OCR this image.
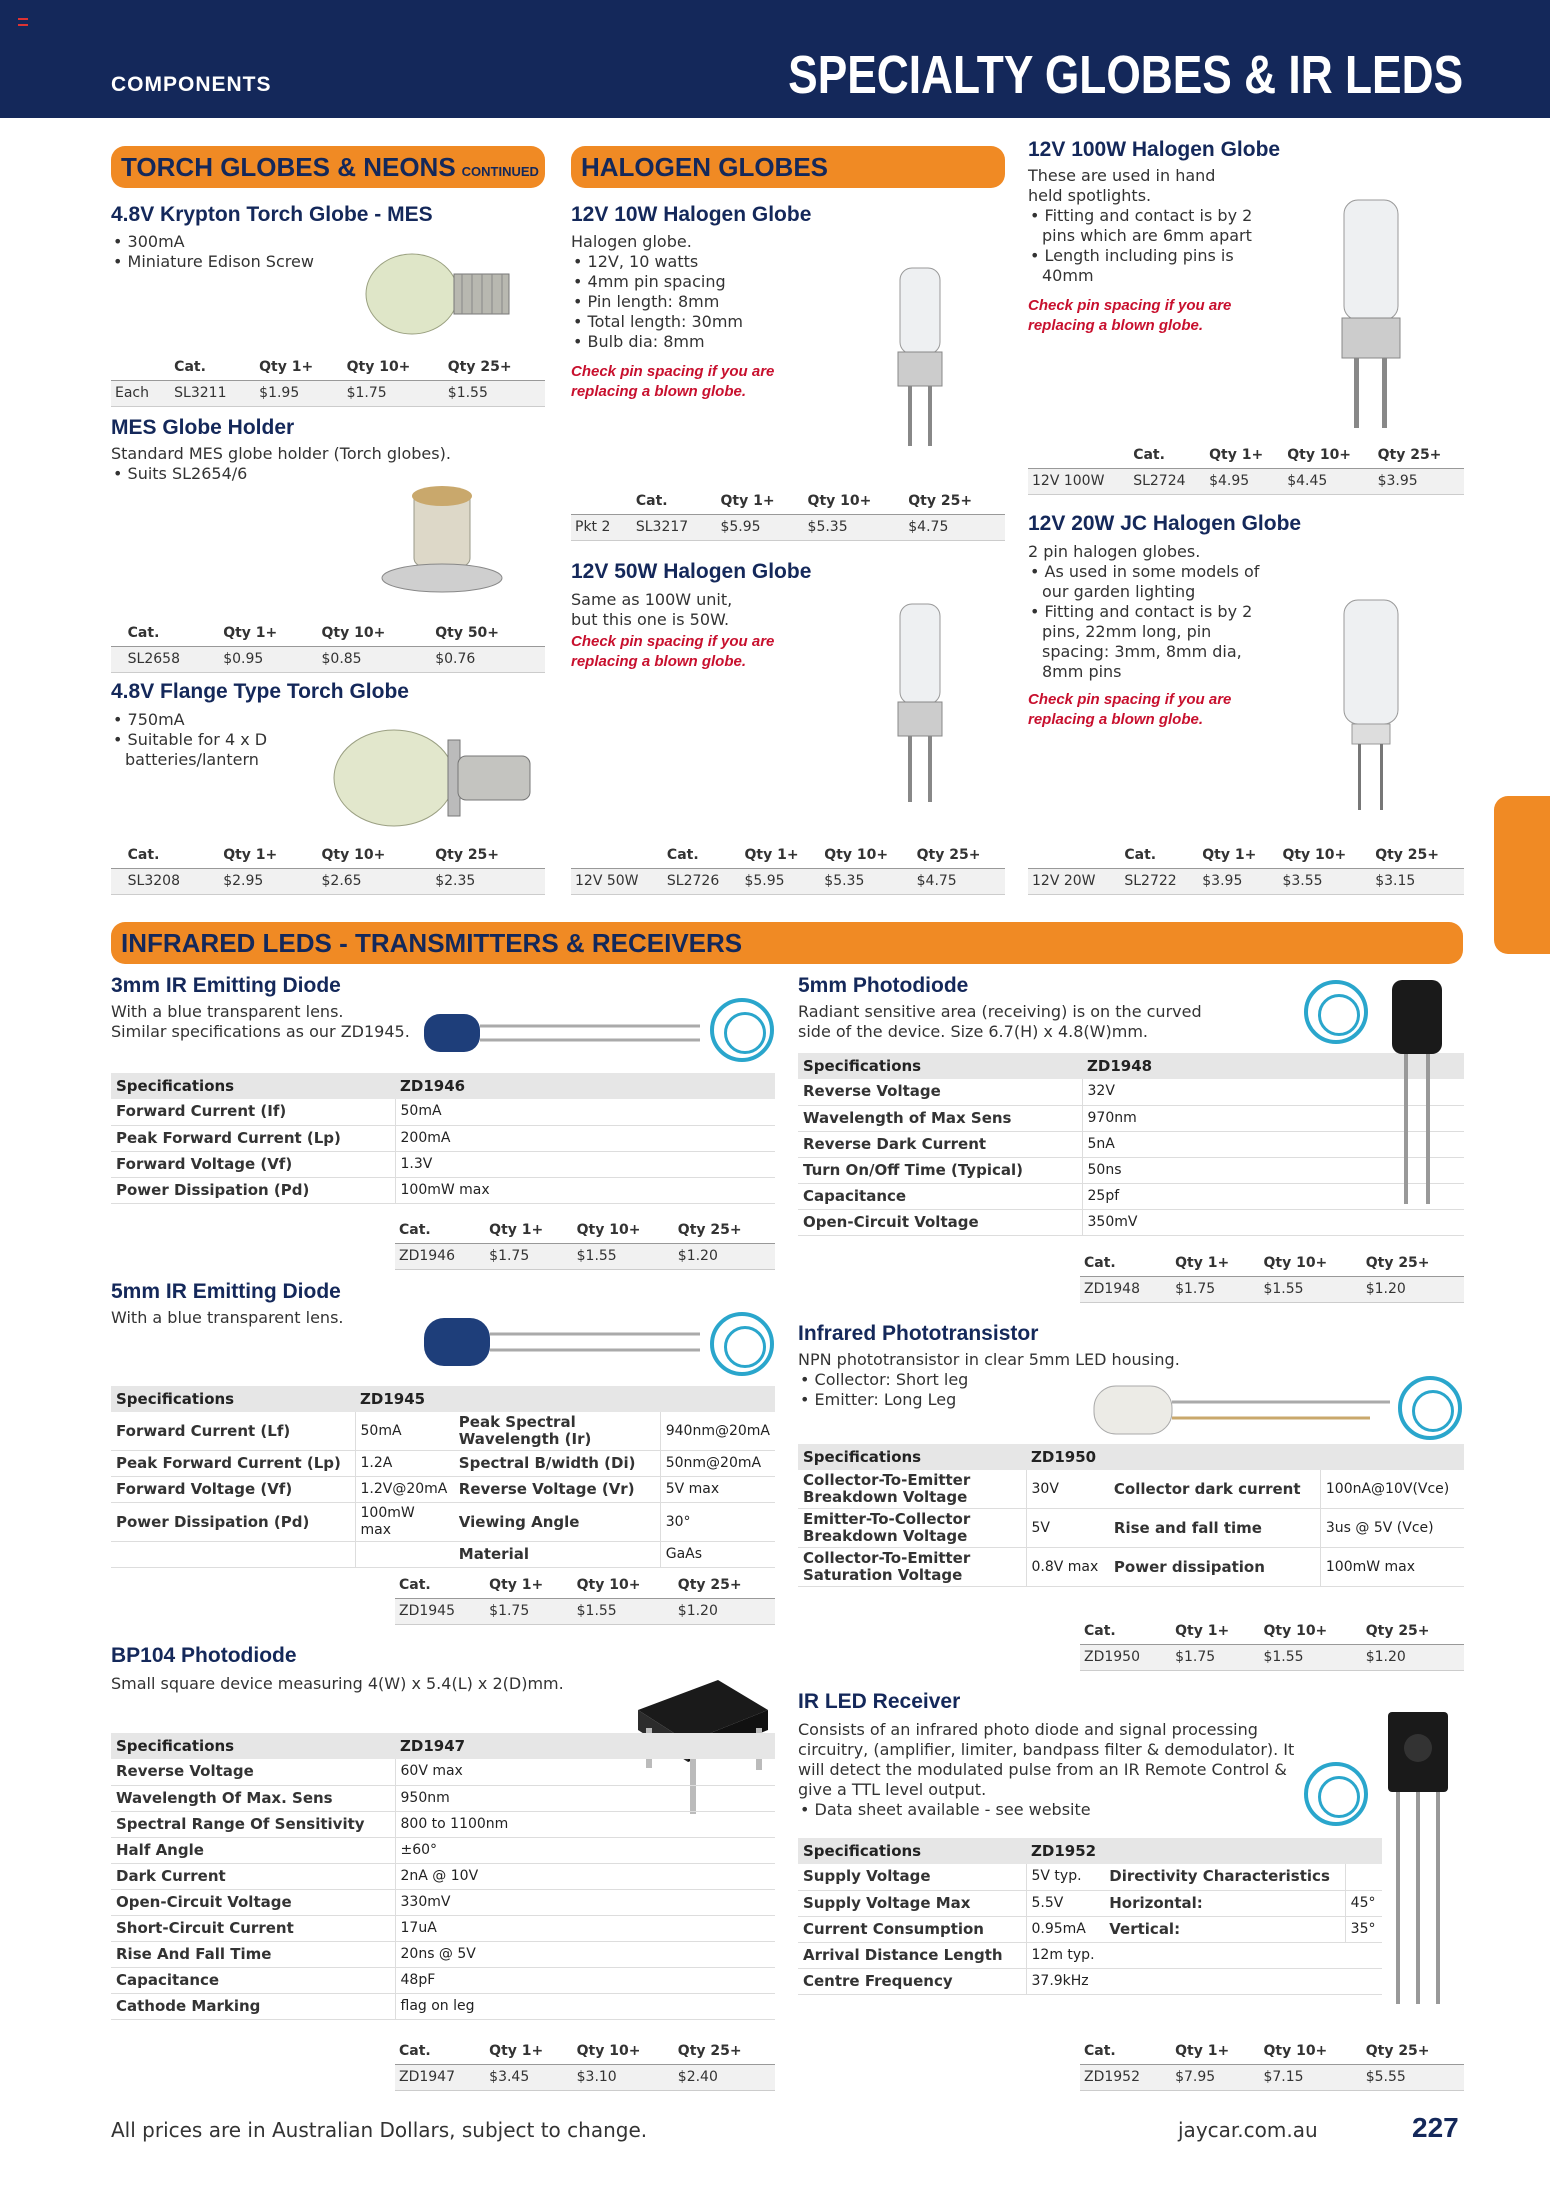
COMPONENTS	SPECIALTY GLOBES & IR LEDS
TORCH GLOBES & NEONS CONTINUED	HALOGEN GLOBES
INFRARED LEDS - TRANSMITTERS & RECEIVERS
4.8V Krypton Torch Globe - MES
• 300mA
• Miniature Edison Screw
	Cat.	Qty 1+	Qty 10+	Qty 25+
Each	SL3211	$1.95	$1.75	$1.55
MES Globe Holder
Standard MES globe holder (Torch globes).
• Suits SL2654/6
	Cat.	Qty 1+	Qty 10+	Qty 50+
	SL2658	$0.95	$0.85	$0.76
4.8V Flange Type Torch Globe
• 750mA
• Suitable for 4 x D batteries/lantern
	Cat.	Qty 1+	Qty 10+	Qty 25+
	SL3208	$2.95	$2.65	$2.35
12V 10W Halogen Globe
Halogen globe.
• 12V, 10 watts
• 4mm pin spacing
• Pin length: 8mm
• Total length: 30mm
• Bulb dia: 8mm
Check pin spacing if you are
replacing a blown globe.
	Cat.	Qty 1+	Qty 10+	Qty 25+
Pkt 2	SL3217	$5.95	$5.35	$4.75
12V 50W Halogen Globe
Same as 100W unit,
but this one is 50W.
Check pin spacing if you are
replacing a blown globe.
	Cat.	Qty 1+	Qty 10+	Qty 25+
12V 50W	SL2726	$5.95	$5.35	$4.75
12V 100W Halogen Globe
These are used in hand
held spotlights.
• Fitting and contact is by 2 pins which are 6mm apart
• Length including pins is 40mm
Check pin spacing if you are
replacing a blown globe.
	Cat.	Qty 1+	Qty 10+	Qty 25+
12V 100W	SL2724	$4.95	$4.45	$3.95
12V 20W JC Halogen Globe
2 pin halogen globes.
• As used in some models of our garden lighting
• Fitting and contact is by 2 pins, 22mm long, pin spacing: 3mm, 8mm dia, 8mm pins
Check pin spacing if you are
replacing a blown globe.
	Cat.	Qty 1+	Qty 10+	Qty 25+
12V 20W	SL2722	$3.95	$3.55	$3.15
3mm IR Emitting Diode
With a blue transparent lens.
Similar specifications as our ZD1945.
Specifications	ZD1946
Forward Current (If)	50mA
Peak Forward Current (Lp)	200mA
Forward Voltage (Vf)	1.3V
Power Dissipation (Pd)	100mW max
Cat.	Qty 1+	Qty 10+	Qty 25+
ZD1946	$1.75	$1.55	$1.20
5mm IR Emitting Diode
With a blue transparent lens.
Specifications	ZD1945		
Forward Current (Lf)	50mA	Peak Spectral Wavelength (Ir)	940nm@20mA
Peak Forward Current (Lp)	1.2A	Spectral B/width (Di)	50nm@20mA
Forward Voltage (Vf)	1.2V@20mA	Reverse Voltage (Vr)	5V max
Power Dissipation (Pd)	100mW max	Viewing Angle	30°
		Material	GaAs
Cat.	Qty 1+	Qty 10+	Qty 25+
ZD1945	$1.75	$1.55	$1.20
BP104 Photodiode
Small square device measuring 4(W) x 5.4(L) x 2(D)mm.
Specifications	ZD1947
Reverse Voltage	60V max
Wavelength Of Max. Sens	950nm
Spectral Range Of Sensitivity	800 to 1100nm
Half Angle	±60°
Dark Current	2nA @ 10V
Open-Circuit Voltage	330mV
Short-Circuit Current	17uA
Rise And Fall Time	20ns @ 5V
Capacitance	48pF
Cathode Marking	flag on leg
Cat.	Qty 1+	Qty 10+	Qty 25+
ZD1947	$3.45	$3.10	$2.40
5mm Photodiode
Radiant sensitive area (receiving) is on the curved
side of the device. Size 6.7(H) x 4.8(W)mm.
Specifications	ZD1948
Reverse Voltage	32V
Wavelength of Max Sens	970nm
Reverse Dark Current	5nA
Turn On/Off Time (Typical)	50ns
Capacitance	25pf
Open-Circuit Voltage	350mV
Cat.	Qty 1+	Qty 10+	Qty 25+
ZD1948	$1.75	$1.55	$1.20
Infrared Phototransistor
NPN phototransistor in clear 5mm LED housing.
• Collector: Short leg
• Emitter: Long Leg
Specifications	ZD1950		
Collector-To-Emitter Breakdown Voltage	30V	Collector dark current	100nA@10V(Vce)
Emitter-To-Collector Breakdown Voltage	5V	Rise and fall time	3us @ 5V (Vce)
Collector-To-Emitter Saturation Voltage	0.8V max	Power dissipation	100mW max
Cat.	Qty 1+	Qty 10+	Qty 25+
ZD1950	$1.75	$1.55	$1.20
IR LED Receiver
Consists of an infrared photo diode and signal processing circuitry, (amplifier, limiter, bandpass filter & demodulator). It will detect the modulated pulse from an IR Remote Control & give a TTL level output.
• Data sheet available - see website
Specifications	ZD1952		
Supply Voltage	5V typ.	Directivity Characteristics	
Supply Voltage Max	5.5V	Horizontal:	45°
Current Consumption	0.95mA	Vertical:	35°
Arrival Distance Length	12m typ.		
Centre Frequency	37.9kHz		
Cat.	Qty 1+	Qty 10+	Qty 25+
ZD1952	$7.95	$7.15	$5.55
All prices are in Australian Dollars, subject to change.	jaycar.com.au	227
